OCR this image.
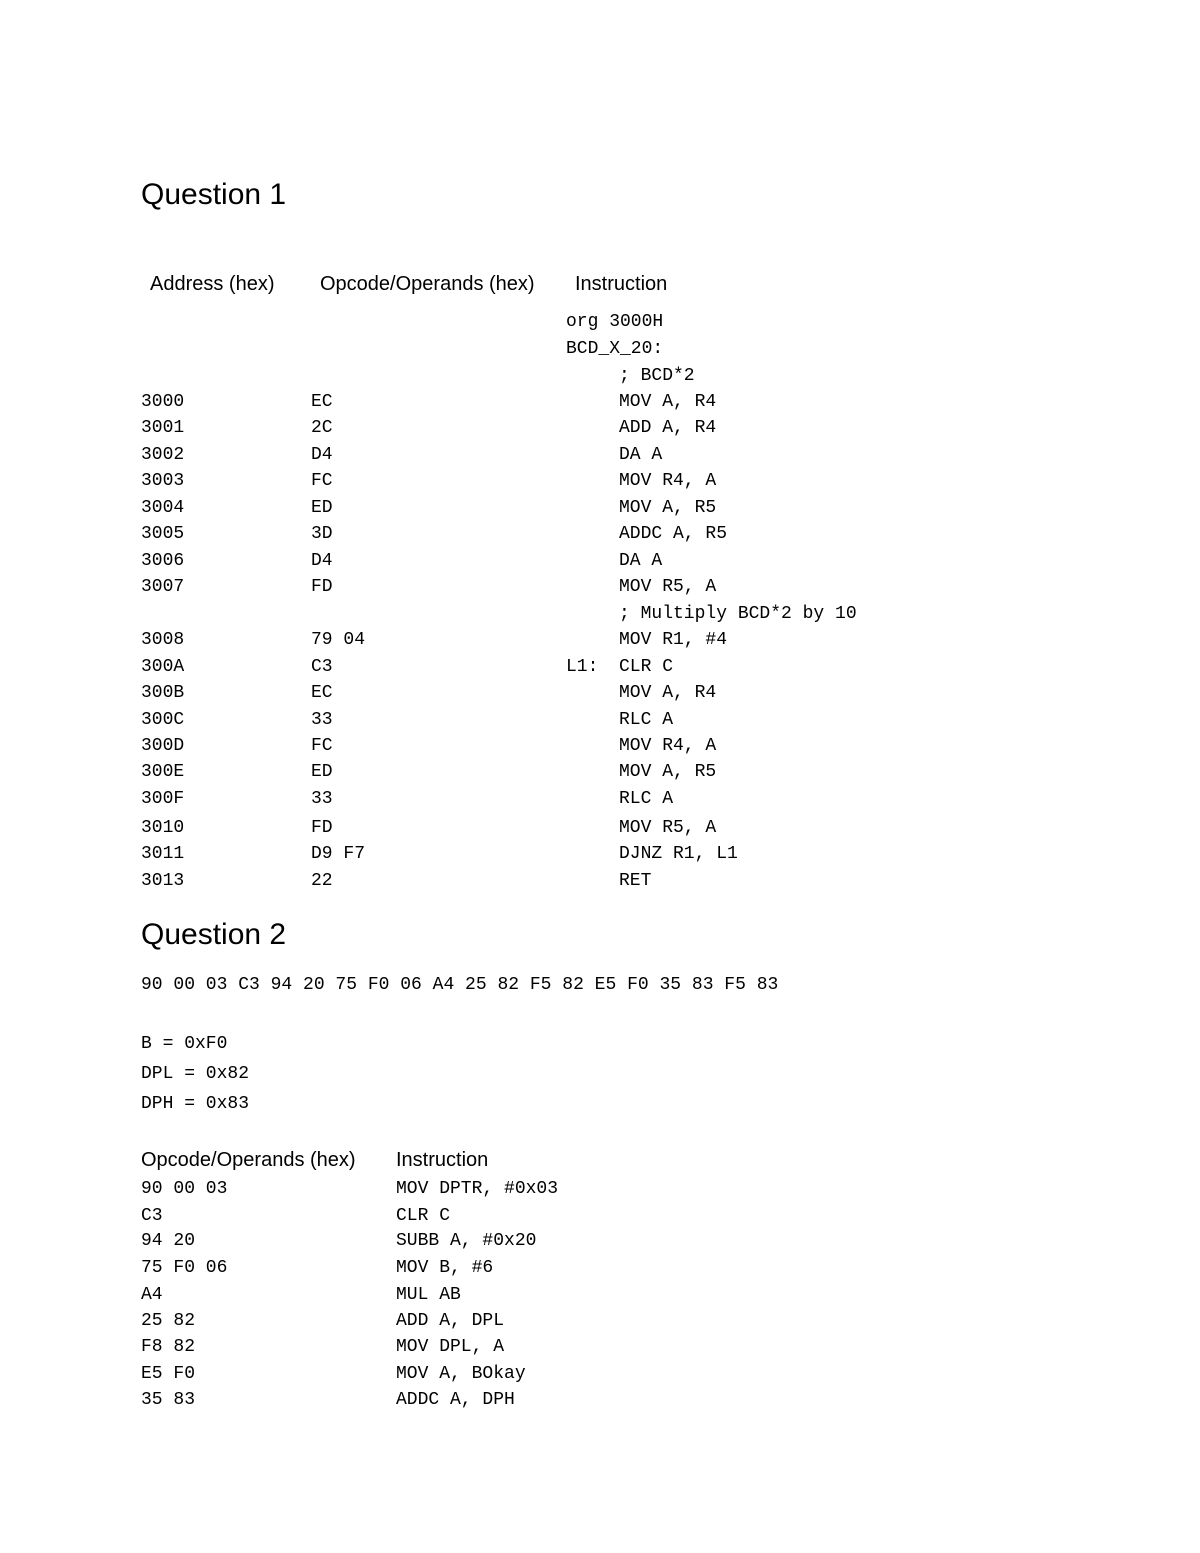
Question 1
Address (hex) Opcode/Operands (hex) Instruction
org 3000H
BCD_X_20:
; BCD*2
3000	EC	MOV A, R4
3001	2C	ADD A, R4
3002	D4	DA A
3003	FC	MOV R4, A
3004	ED	MOV A, R5
3005	3D	ADDC A, R5
3006	D4	DA A
3007	FD	MOV R5, A
; Multiply BCD*2 by 10
3008	79 04	MOV R1, #4
300A	C3	L1: CLR C
300B	EC	MOV A, R4
300C	33	RLC A
300D	FC	MOV R4, A
300E	ED	MOV A, R5
300F	33	RLC A
3010	FD	MOV R5, A
3011	D9 F7	DJNZ R1, L1
3013	22	RET
Question 2
90 00 03 C3 94 20 75 F0 06 A4 25 82 F5 82 E5 F0 35 83 F5 83
B = 0xF0
DPL = 0x82
DPH = 0x83
Opcode/Operands (hex) Instruction
90 00 03	MOV DPTR, #0x03
C3	CLR C
94 20	SUBB A, #0x20
75 F0 06	MOV B, #6
A4	MUL AB
25 82	ADD A, DPL
F8 82	MOV DPL, A
E5 F0	MOV A, BOkay
35 83	ADDC A, DPH
